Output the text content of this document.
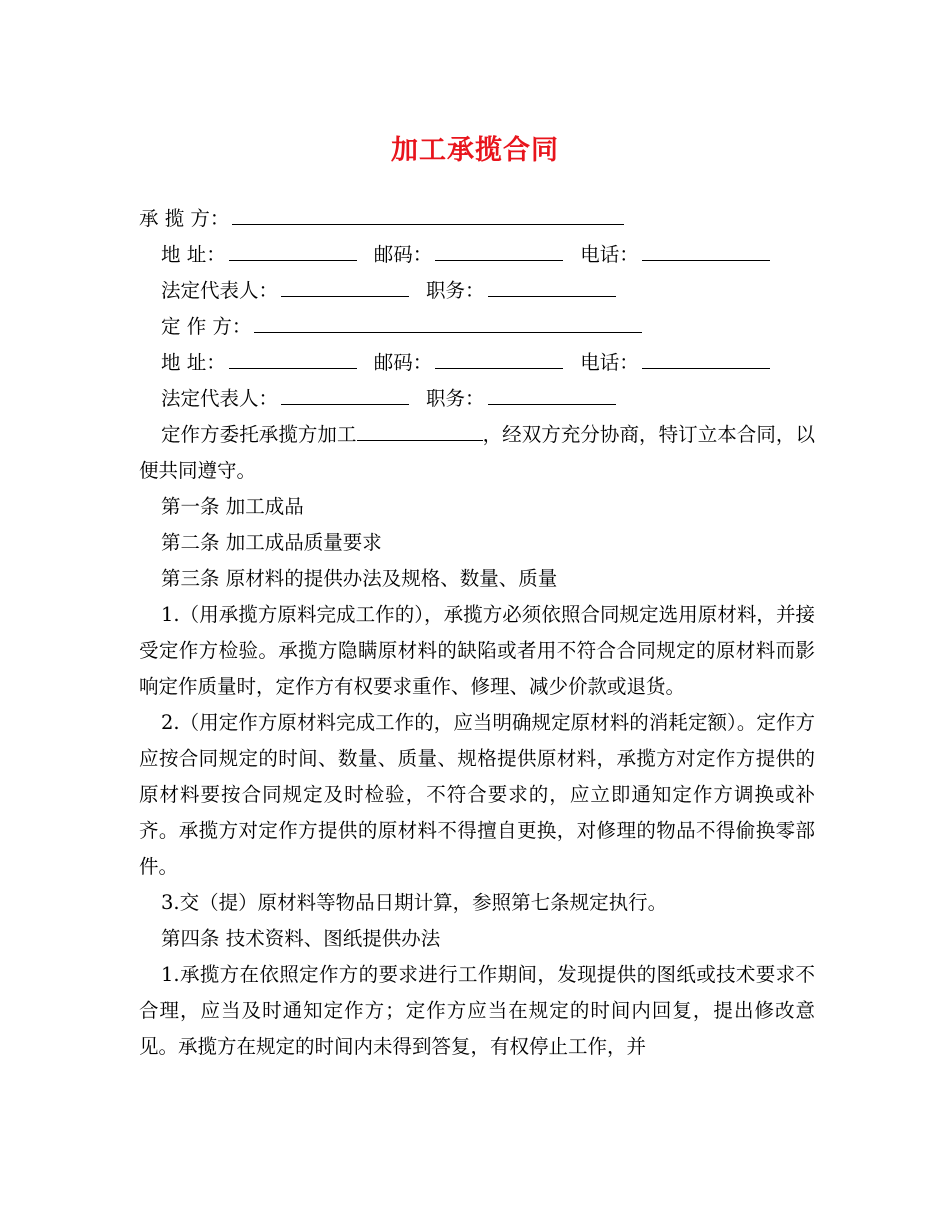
加工承揽合同
承 揽 方：
地 址：	邮码：	电话：
法定代表人：	职务：
定 作 方：
地 址：	邮码：	电话：
法定代表人：	职务：
定作方委托承揽方加工	，经双方充分协商，特订立本合同，以便共同遵守。
第一条 加工成品
第二条 加工成品质量要求
第三条 原材料的提供办法及规格、数量、质量
1.（用承揽方原料完成工作的），承揽方必须依照合同规定选用原材料，并接受定作方检验。承揽方隐瞒原材料的缺陷或者用不符合合同规定的原材料而影响定作质量时，定作方有权要求重作、修理、减少价款或退货。
2.（用定作方原材料完成工作的，应当明确规定原材料的消耗定额）。定作方应按合同规定的时间、数量、质量、规格提供原材料，承揽方对定作方提供的原材料要按合同规定及时检验，不符合要求的，应立即通知定作方调换或补齐。承揽方对定作方提供的原材料不得擅自更换，对修理的物品不得偷换零部件。
3.交（提）原材料等物品日期计算，参照第七条规定执行。
第四条 技术资料、图纸提供办法
1.承揽方在依照定作方的要求进行工作期间，发现提供的图纸或技术要求不合理，应当及时通知定作方；定作方应当在规定的时间内回复，提出修改意见。承揽方在规定的时间内未得到答复，有权停止工作，并
